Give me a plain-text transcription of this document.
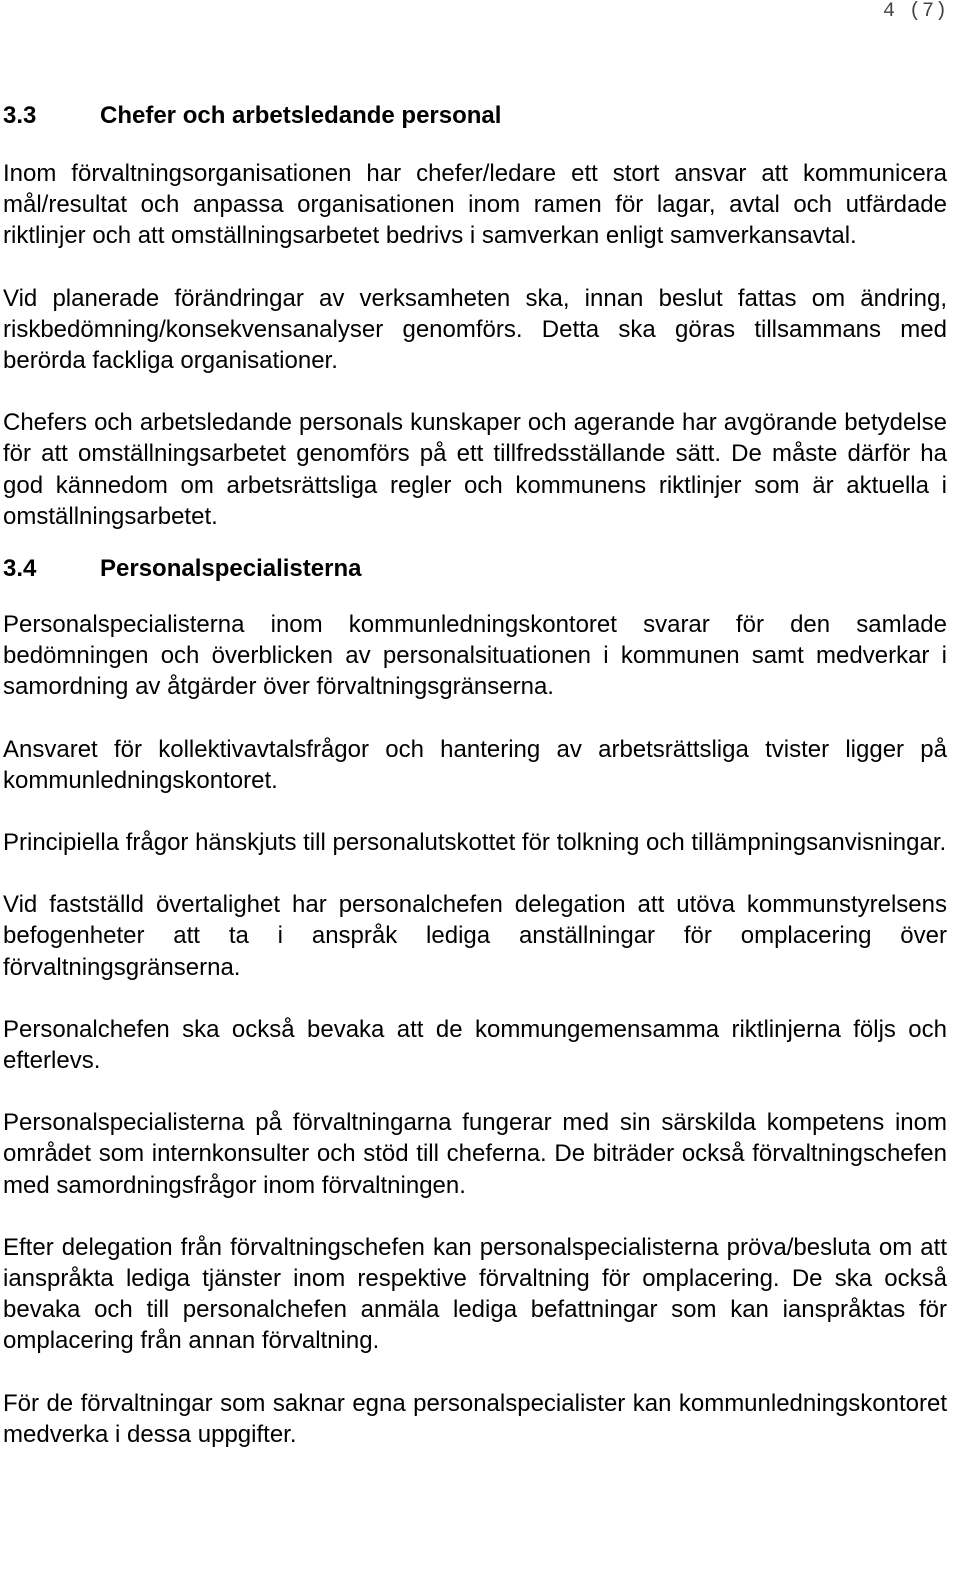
4 (7)
3.3	Chefer och arbetsledande personal

Inom förvaltningsorganisationen har chefer/ledare ett stort ansvar att kommunicera mål/resultat och anpassa organisationen inom ramen för lagar, avtal och utfärdade riktlinjer och att omställningsarbetet bedrivs i samverkan enligt samverkansavtal.

Vid planerade förändringar av verksamheten ska, innan beslut fattas om ändring, riskbedömning/konsekvensanalyser genomförs. Detta ska göras tillsammans med berörda fackliga organisationer.

Chefers och arbetsledande personals kunskaper och agerande har avgörande betydelse för att omställningsarbetet genomförs på ett tillfredsställande sätt. De måste därför ha god kännedom om arbetsrättsliga regler och kommunens riktlinjer som är aktuella i omställningsarbetet.

3.4	Personalspecialisterna

Personalspecialisterna inom kommunledningskontoret svarar för den samlade bedömningen och överblicken av personalsituationen i kommunen samt medverkar i samordning av åtgärder över förvaltningsgränserna.

Ansvaret för kollektivavtalsfrågor och hantering av arbetsrättsliga tvister ligger på kommunledningskontoret.

Principiella frågor hänskjuts till personalutskottet för tolkning och tillämpningsanvisningar.

Vid fastställd övertalighet har personalchefen delegation att utöva kommunstyrelsens befogenheter att ta i anspråk lediga anställningar för omplacering över förvaltningsgränserna.

Personalchefen ska också bevaka att de kommungemensamma riktlinjerna följs och efterlevs.

Personalspecialisterna på förvaltningarna fungerar med sin särskilda kompetens inom området som internkonsulter och stöd till cheferna. De biträder också förvaltningschefen med samordningsfrågor inom förvaltningen.

Efter delegation från förvaltningschefen kan personalspecialisterna pröva/besluta om att ianspråkta lediga tjänster inom respektive förvaltning för omplacering. De ska också bevaka och till personalchefen anmäla lediga befattningar som kan ianspråktas för omplacering från annan förvaltning.

För de förvaltningar som saknar egna personalspecialister kan kommunledningskontoret medverka i dessa uppgifter.
